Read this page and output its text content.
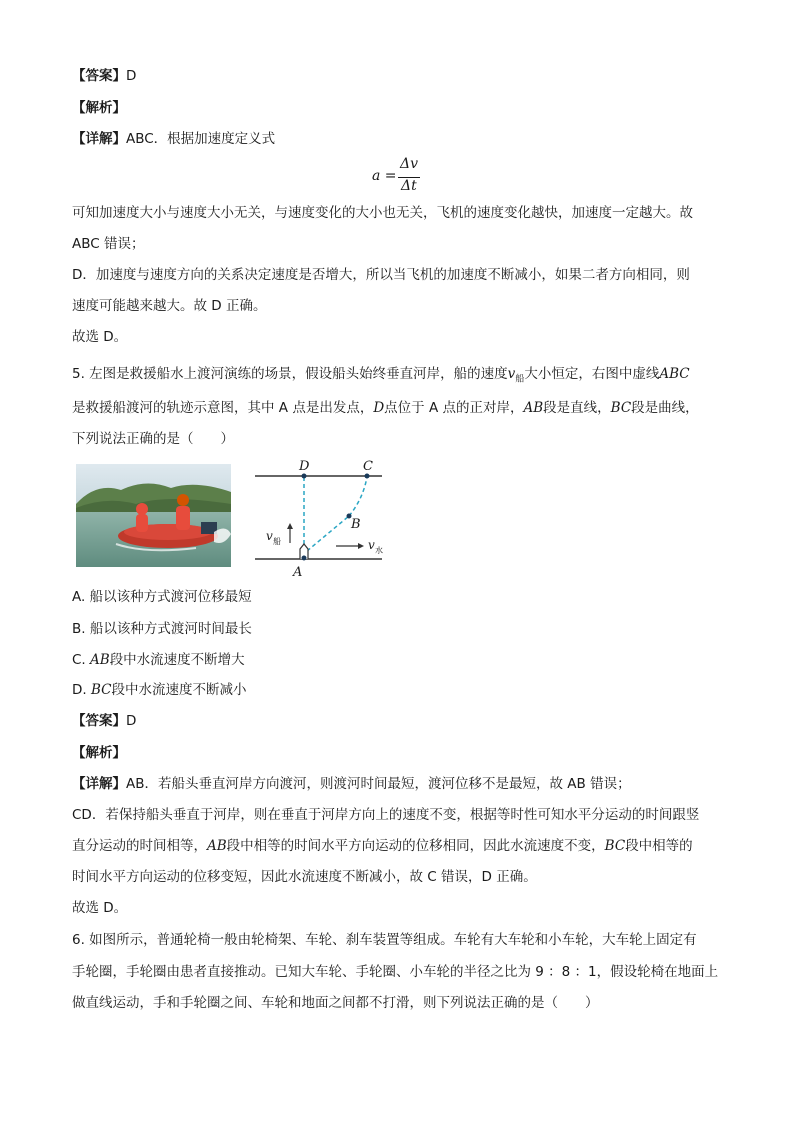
【答案】D
【解析】
【详解】ABC．根据加速度定义式
a =
Δv
Δt
可知加速度大小与速度大小无关，与速度变化的大小也无关，飞机的速度变化越快，加速度一定越大。故
ABC 错误；
D．加速度与速度方向的关系决定速度是否增大，所以当飞机的加速度不断减小，如果二者方向相同，则
速度可能越来越大。故 D 正确。
故选 D。
5. 左图是救援船水上渡河演练的场景，假设船头始终垂直河岸，船的速度$v_船$大小恒定，右图中虚线ABC
是救援船渡河的轨迹示意图，其中 A 点是出发点，D点位于 A 点的正对岸，AB段是直线，BC段是曲线，
下列说法正确的是（　　）
D	C
B
A
v 船	v 水
A. 船以该种方式渡河位移最短
B. 船以该种方式渡河时间最长
C. AB段中水流速度不断增大
D. BC段中水流速度不断减小
【答案】D
【解析】
【详解】AB．若船头垂直河岸方向渡河，则渡河时间最短，渡河位移不是最短，故 AB 错误；
CD．若保持船头垂直于河岸，则在垂直于河岸方向上的速度不变，根据等时性可知水平分运动的时间跟竖
直分运动的时间相等，AB段中相等的时间水平方向运动的位移相同，因此水流速度不变，BC段中相等的
时间水平方向运动的位移变短，因此水流速度不断减小，故 C 错误，D 正确。
故选 D。
6. 如图所示，普通轮椅一般由轮椅架、车轮、刹车装置等组成。车轮有大车轮和小车轮，大车轮上固定有
手轮圈，手轮圈由患者直接推动。已知大车轮、手轮圈、小车轮的半径之比为 9 ：8 ：1，假设轮椅在地面上
做直线运动，手和手轮圈之间、车轮和地面之间都不打滑，则下列说法正确的是（　　）
